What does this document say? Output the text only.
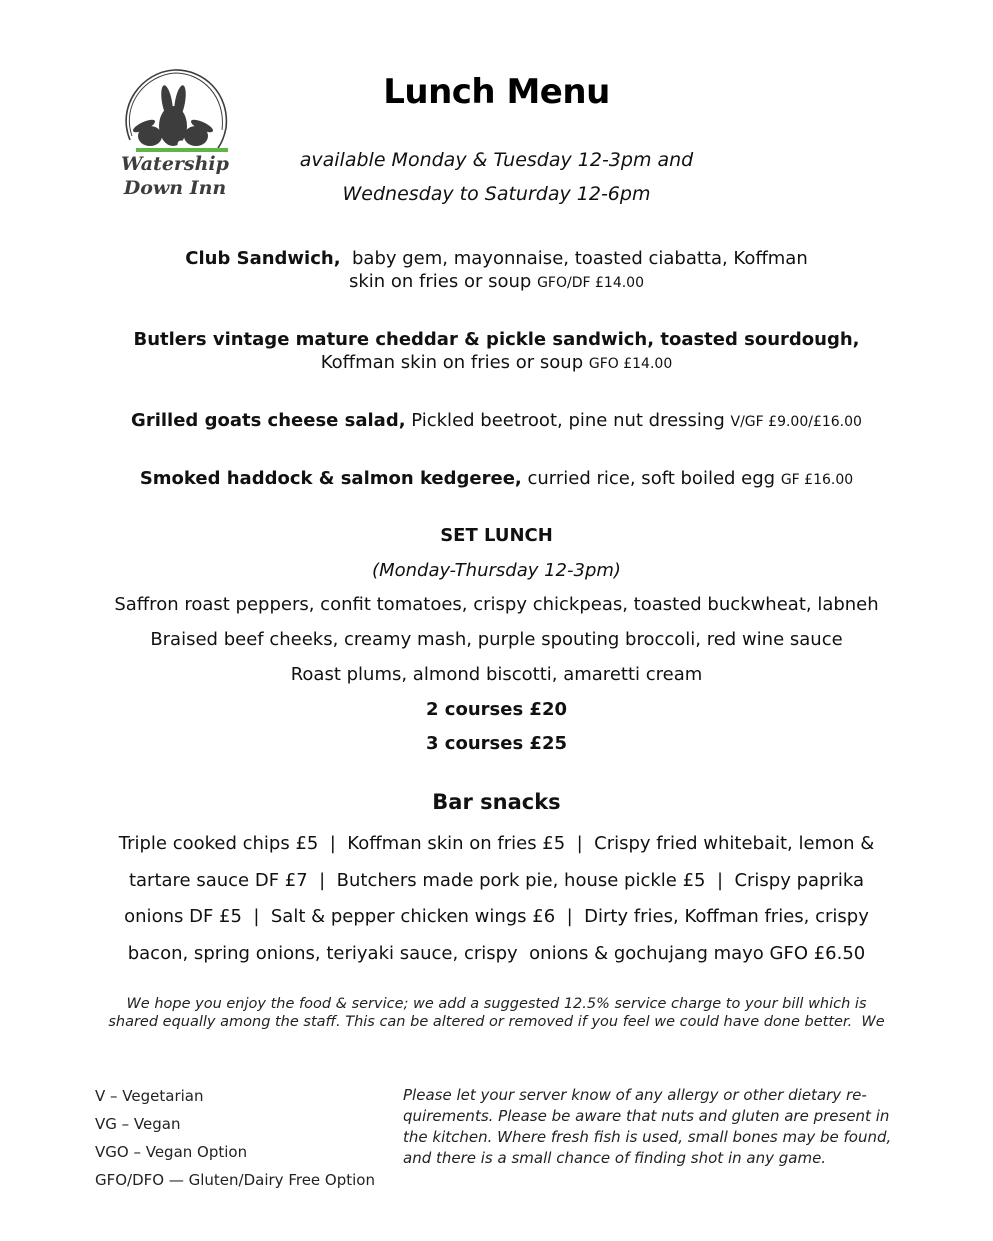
Watership
Down Inn
Lunch Menu
available Monday & Tuesday 12-3pm and
Wednesday to Saturday 12-6pm
Club Sandwich, baby gem, mayonnaise, toasted ciabatta, Koffman
skin on fries or soup GFO/DF £14.00
Butlers vintage mature cheddar & pickle sandwich, toasted sourdough,
Koffman skin on fries or soup GFO £14.00
Grilled goats cheese salad, Pickled beetroot, pine nut dressing V/GF £9.00/£16.00
Smoked haddock & salmon kedgeree, curried rice, soft boiled egg GF £16.00
SET LUNCH
(Monday-Thursday 12-3pm)
Saffron roast peppers, confit tomatoes, crispy chickpeas, toasted buckwheat, labneh
Braised beef cheeks, creamy mash, purple spouting broccoli, red wine sauce
Roast plums, almond biscotti, amaretti cream
2 courses £20
3 courses £25
Bar snacks
Triple cooked chips £5  |  Koffman skin on fries £5  |  Crispy fried whitebait, lemon &
tartare sauce DF £7  |  Butchers made pork pie, house pickle £5  |  Crispy paprika
onions DF £5  |  Salt & pepper chicken wings £6  |  Dirty fries, Koffman fries, crispy
bacon, spring onions, teriyaki sauce, crispy  onions & gochujang mayo GFO £6.50
We hope you enjoy the food & service; we add a suggested 12.5% service charge to your bill which is
shared equally among the staff. This can be altered or removed if you feel we could have done better.  We
V – Vegetarian
VG – Vegan
VGO – Vegan Option
GFO/DFO — Gluten/Dairy Free Option
Please let your server know of any allergy or other dietary re-
quirements. Please be aware that nuts and gluten are present in
the kitchen. Where fresh fish is used, small bones may be found,
and there is a small chance of finding shot in any game.
